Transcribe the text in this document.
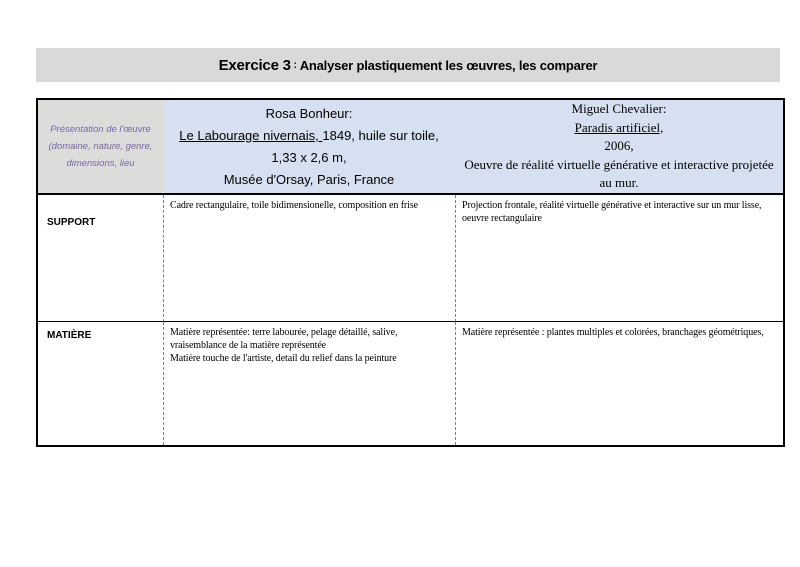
Exercice 3 : Analyser plastiquement les œuvres, les comparer
Présentation de l'œuvre
(domaine, nature, genre,
dimensions, lieu
Rosa Bonheur:
Le Labourage nivernais, 1849, huile sur toile,
1,33 x 2,6 m,
Musée d'Orsay, Paris, France
Miguel Chevalier:
Paradis artificiel,
2006,
Oeuvre de réalité virtuelle générative et interactive projetée au mur.
SUPPORT

Cadre rectangulaire, toile bidimensionelle, composition en frise	Projection frontale, réalité virtuelle générative et interactive sur un mur lisse, oeuvre rectangulaire

MATIÈRE	Matière représentée: terre labourée, pelage détaillé, salive, vraisemblance de la matière représentée

Matière touche de l'artiste, detail du relief dans la peinture

Matière représentée : plantes multiples et colorées, branchages géométriques,
